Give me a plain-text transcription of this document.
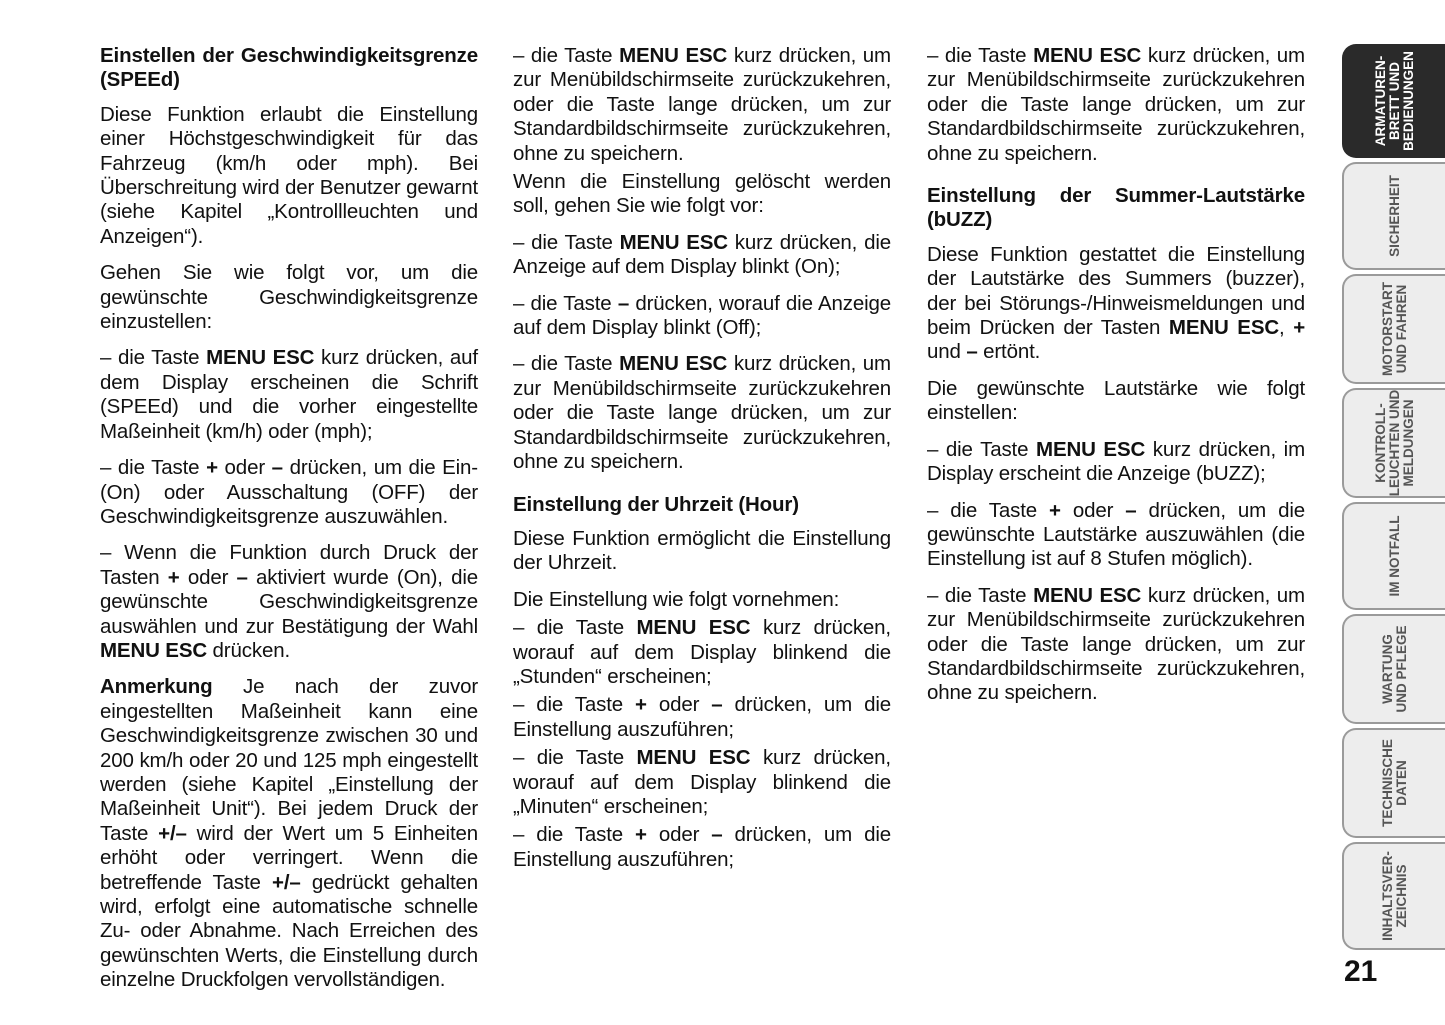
Einstellen der Geschwindigkeitsgrenze (SPEEd)

Diese Funktion erlaubt die Einstellung einer Höchstgeschwindigkeit für das Fahrzeug (km/h oder mph). Bei Überschreitung wird der Benutzer gewarnt (siehe Kapitel „Kontrollleuchten und Anzeigen“).

Gehen Sie wie folgt vor, um die gewünschte Geschwindigkeitsgrenze einzustellen:

– die Taste MENU ESC kurz drücken, auf dem Display erscheinen die Schrift (SPEEd) und die vorher eingestellte Maßeinheit (km/h) oder (mph);

– die Taste + oder – drücken, um die Ein- (On) oder Ausschaltung (OFF) der Geschwindigkeitsgrenze auszuwählen.

– Wenn die Funktion durch Druck der Tasten + oder – aktiviert wurde (On), die gewünschte Geschwindigkeitsgrenze auswählen und zur Bestätigung der Wahl MENU ESC drücken.

Anmerkung Je nach der zuvor eingestellten Maßeinheit kann eine Geschwindigkeitsgrenze zwischen 30 und 200 km/h oder 20 und 125 mph eingestellt werden (siehe Kapitel „Einstellung der Maßeinheit Unit“). Bei jedem Druck der Taste +/– wird der Wert um 5 Einheiten erhöht oder verringert. Wenn die betreffende Taste +/– gedrückt gehalten wird, erfolgt eine automatische schnelle Zu- oder Abnahme. Nach Erreichen des gewünschten Werts, die Einstellung durch einzelne Druckfolgen vervollständigen.

– die Taste MENU ESC kurz drücken, um zur Menübildschirmseite zurückzukehren, oder die Taste lange drücken, um zur Standardbildschirmseite zurückzukehren, ohne zu speichern.

Wenn die Einstellung gelöscht werden soll, gehen Sie wie folgt vor:

– die Taste MENU ESC kurz drücken, die Anzeige auf dem Display blinkt (On);

– die Taste – drücken, worauf die Anzeige auf dem Display blinkt (Off);

– die Taste MENU ESC kurz drücken, um zur Menübildschirmseite zurückzukehren oder die Taste lange drücken, um zur Standardbildschirmseite zurückzukehren, ohne zu speichern.

Einstellung der Uhrzeit (Hour)

Diese Funktion ermöglicht die Einstellung der Uhrzeit.

Die Einstellung wie folgt vornehmen:

– die Taste MENU ESC kurz drücken, worauf auf dem Display blinkend die „Stunden“ erscheinen;

– die Taste + oder – drücken, um die Einstellung auszuführen;

– die Taste MENU ESC kurz drücken, worauf auf dem Display blinkend die „Minuten“ erscheinen;

– die Taste + oder – drücken, um die Einstellung auszuführen;

– die Taste MENU ESC kurz drücken, um zur Menübildschirmseite zurückzukehren oder die Taste lange drücken, um zur Standardbildschirmseite zurückzukehren, ohne zu speichern.

Einstellung der Summer-Lautstärke (bUZZ)

Diese Funktion gestattet die Einstellung der Lautstärke des Summers (buzzer), der bei Störungs-/Hinweismeldungen und beim Drücken der Tasten MENU ESC, + und – ertönt.

Die gewünschte Lautstärke wie folgt einstellen:

– die Taste MENU ESC kurz drücken, im Display erscheint die Anzeige (bUZZ);

– die Taste + oder – drücken, um die gewünschte Lautstärke auszuwählen (die Einstellung ist auf 8 Stufen möglich).

– die Taste MENU ESC kurz drücken, um zur Menübildschirmseite zurückzukehren oder die Taste lange drücken, um zur Standardbildschirmseite zurückzukehren, ohne zu speichern.

ARMATUREN-
BRETT UND
BEDIENUNGEN
SICHERHEIT
MOTORSTART
UND FAHREN
KONTROLL-
LEUCHTEN UND
MELDUNGEN
IM NOTFALL
WARTUNG
UND PFLEGE
TECHNISCHE
DATEN
INHALTSVER-
ZEICHNIS
21
